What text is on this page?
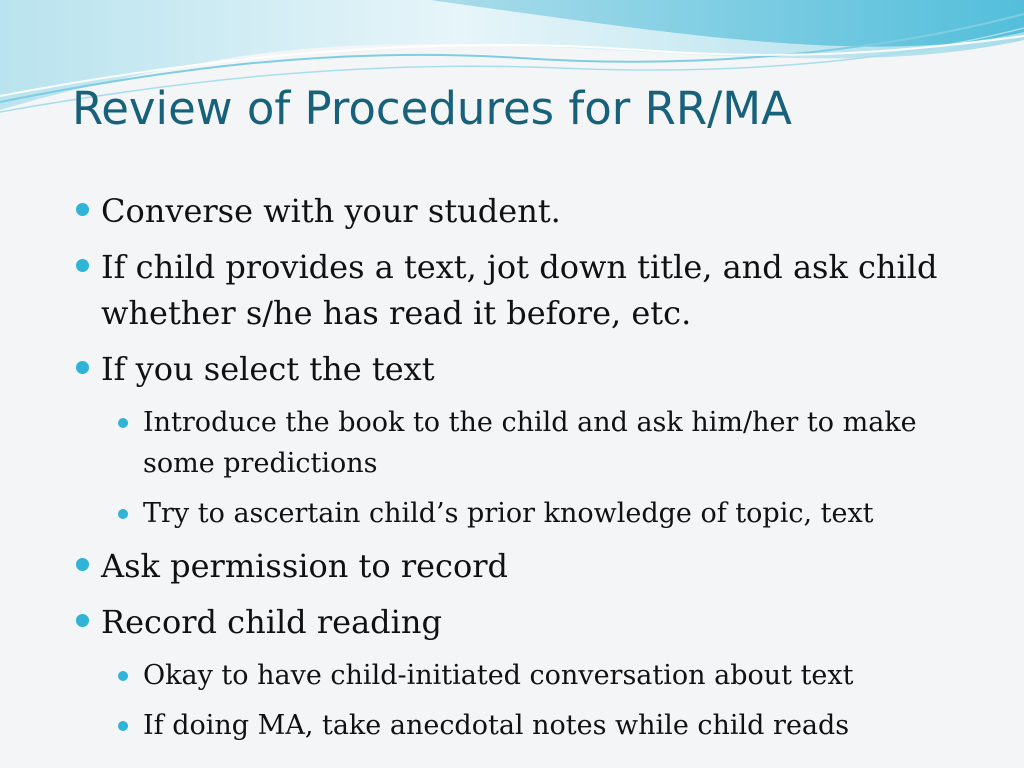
Review of Procedures for RR/MA
Converse with your student.
If child provides a text, jot down title, and ask child whether s/he has read it before, etc.
If you select the text
Introduce the book to the child and ask him/her to make some predictions
Try to ascertain child’s prior knowledge of topic, text
Ask permission to record
Record child reading
Okay to have child-initiated conversation about text
If doing MA, take anecdotal notes while child reads
